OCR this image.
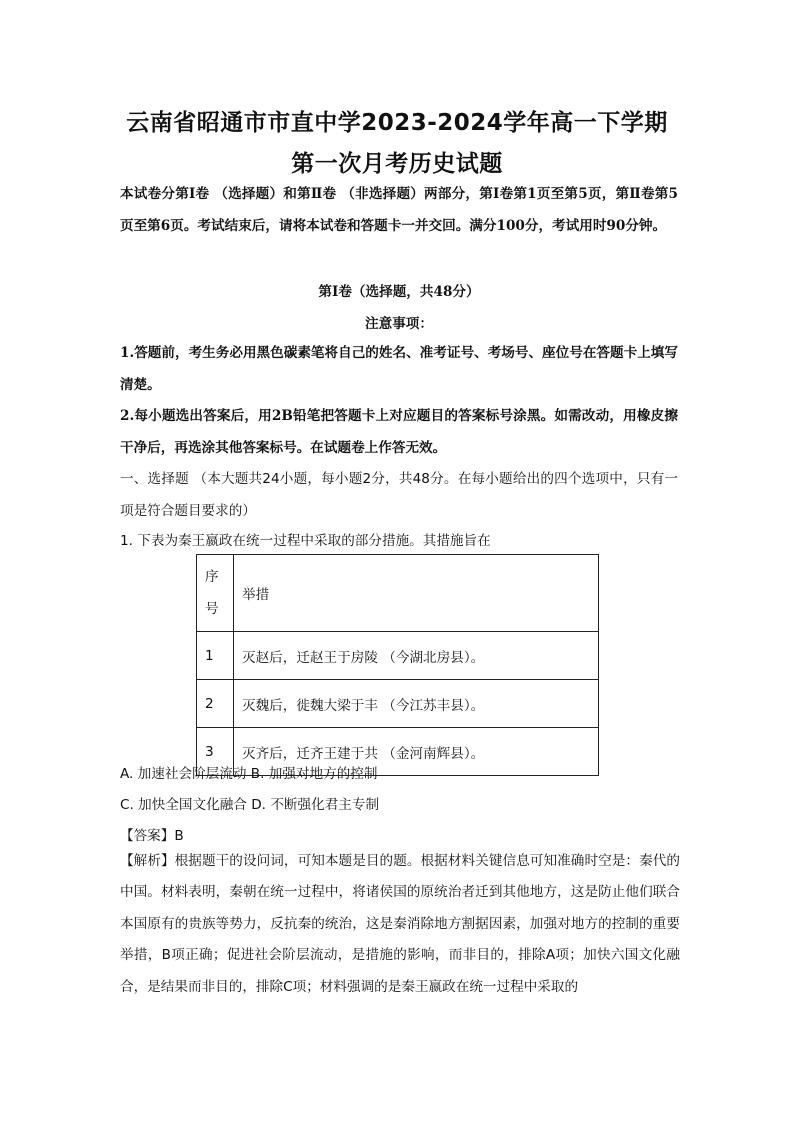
云南省昭通市市直中学2023-2024学年高一下学期
第一次月考历史试题
本试卷分第Ⅰ卷 （选择题）和第Ⅱ卷 （非选择题）两部分，第Ⅰ卷第1页至第5页，第Ⅱ卷第5页至第6页。考试结束后，请将本试卷和答题卡一并交回。满分100分，考试用时90分钟。
第Ⅰ卷（选择题，共48分）
注意事项：
1.答题前，考生务必用黑色碳素笔将自己的姓名、准考证号、考场号、座位号在答题卡上填写清楚。
2.每小题选出答案后，用2B铅笔把答题卡上对应题目的答案标号涂黑。如需改动，用橡皮擦干净后，再选涂其他答案标号。在试题卷上作答无效。
一、选择题 （本大题共24小题，每小题2分，共48分。在每小题给出的四个选项中，只有一项是符合题目要求的）
1. 下表为秦王嬴政在统一过程中采取的部分措施。其措施旨在
序号	举措
1	灭赵后，迁赵王于房陵 （今湖北房县）。
2	灭魏后，徙魏大梁于丰 （今江苏丰县）。
3	灭齐后，迁齐王建于共 （金河南辉县）。
A. 加速社会阶层流动 B. 加强对地方的控制
C. 加快全国文化融合 D. 不断强化君主专制
【答案】B
【解析】根据题干的设问词，可知本题是目的题。根据材料关键信息可知准确时空是：秦代的中国。材料表明，秦朝在统一过程中，将诸侯国的原统治者迁到其他地方，这是防止他们联合本国原有的贵族等势力，反抗秦的统治，这是秦消除地方割据因素，加强对地方的控制的重要举措，B项正确；促进社会阶层流动，是措施的影响，而非目的，排除A项；加快六国文化融合，是结果而非目的，排除C项；材料强调的是秦王嬴政在统一过程中采取的
